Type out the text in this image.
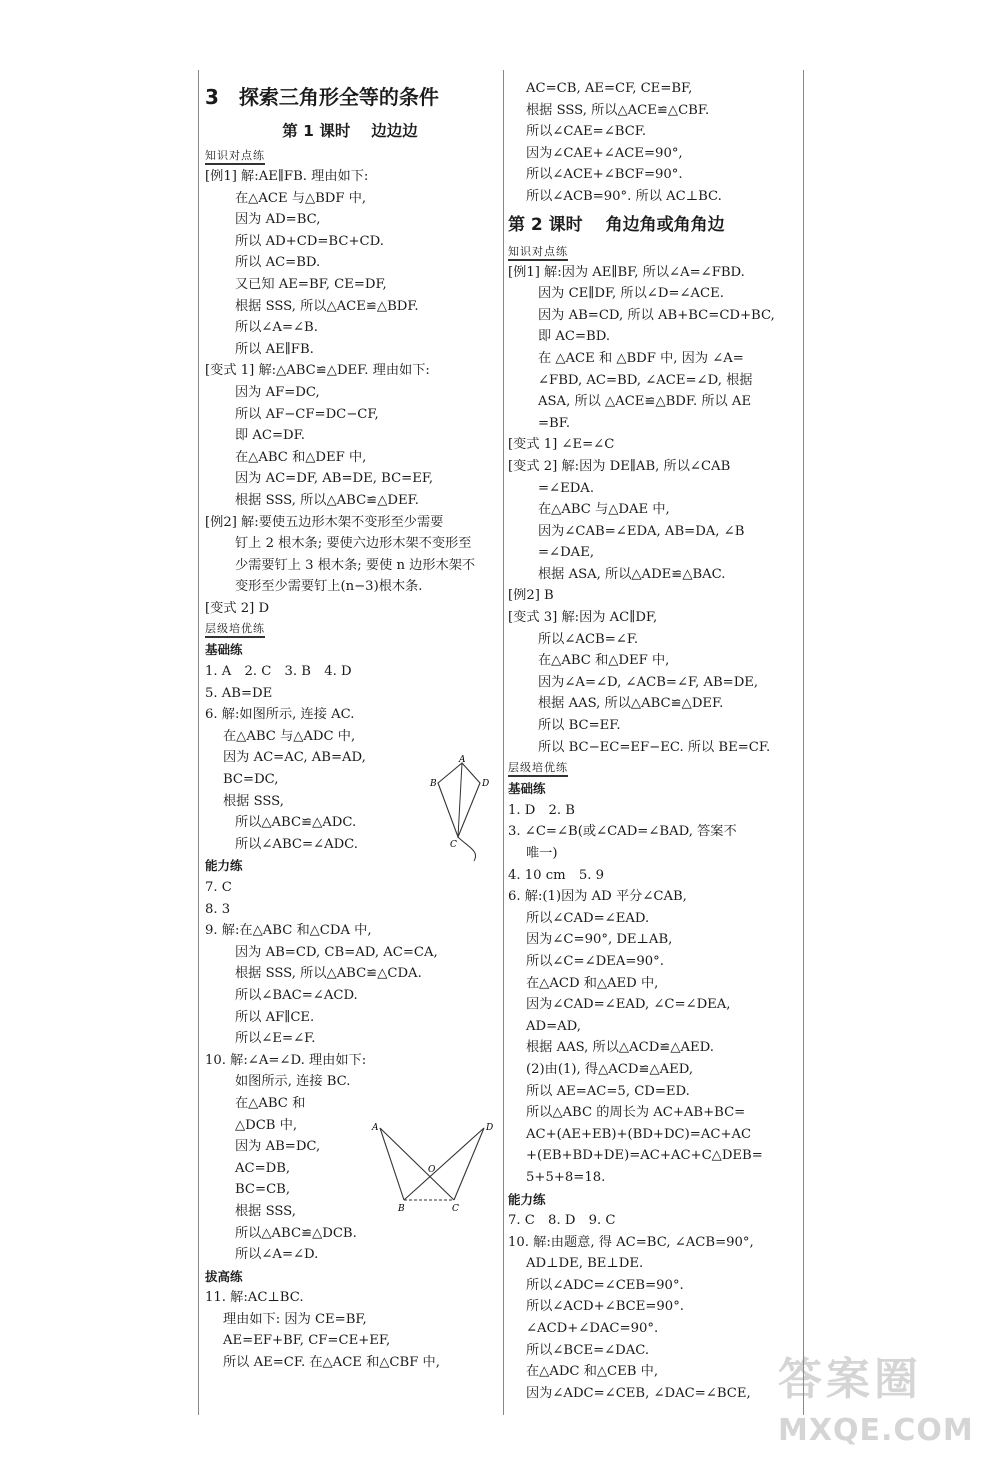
3　探索三角形全等的条件
第 1 课时　 边边边
知识对点练
[例1] 解:AE∥FB. 理由如下:
在△ACE 与△BDF 中,
因为 AD=BC,
所以 AD+CD=BC+CD.
所以 AC=BD.
又已知 AE=BF, CE=DF,
根据 SSS, 所以△ACE≌△BDF.
所以∠A=∠B.
所以 AE∥FB.
[变式 1] 解:△ABC≌△DEF. 理由如下:
因为 AF=DC,
所以 AF−CF=DC−CF,
即 AC=DF.
在△ABC 和△DEF 中,
因为 AC=DF, AB=DE, BC=EF,
根据 SSS, 所以△ABC≌△DEF.
[例2] 解:要使五边形木架不变形至少需要
钉上 2 根木条; 要使六边形木架不变形至
少需要钉上 3 根木条; 要使 n 边形木架不
变形至少需要钉上(n−3)根木条.
[变式 2] D
层级培优练
基础练
1. A　2. C　3. B　4. D
5. AB=DE
6. 解:如图所示, 连接 AC.
在△ABC 与△ADC 中,
因为 AC=AC, AB=AD,
BC=DC,
根据 SSS,
所以△ABC≌△ADC.
所以∠ABC=∠ADC.
能力练
7. C
8. 3
9. 解:在△ABC 和△CDA 中,
因为 AB=CD, CB=AD, AC=CA,
根据 SSS, 所以△ABC≌△CDA.
所以∠BAC=∠ACD.
所以 AF∥CE.
所以∠E=∠F.
10. 解:∠A=∠D. 理由如下:
如图所示, 连接 BC.
在△ABC 和
△DCB 中,
因为 AB=DC,
AC=DB,
BC=CB,
根据 SSS,
所以△ABC≌△DCB.
所以∠A=∠D.
拔高练
11. 解:AC⊥BC.
理由如下: 因为 CE=BF,
AE=EF+BF, CF=CE+EF,
所以 AE=CF. 在△ACE 和△CBF 中,
A
B	D
C
A	D
O
B	C
AC=CB, AE=CF, CE=BF,
根据 SSS, 所以△ACE≌△CBF.
所以∠CAE=∠BCF.
因为∠CAE+∠ACE=90°,
所以∠ACE+∠BCF=90°.
所以∠ACB=90°. 所以 AC⊥BC.
第 2 课时　 角边角或角角边
知识对点练
[例1] 解:因为 AE∥BF, 所以∠A=∠FBD.
因为 CE∥DF, 所以∠D=∠ACE.
因为 AB=CD, 所以 AB+BC=CD+BC,
即 AC=BD.
在 △ACE 和 △BDF 中, 因为 ∠A=
∠FBD, AC=BD, ∠ACE=∠D, 根据
ASA, 所以 △ACE≌△BDF. 所以 AE
=BF.
[变式 1] ∠E=∠C
[变式 2] 解:因为 DE∥AB, 所以∠CAB
=∠EDA.
在△ABC 与△DAE 中,
因为∠CAB=∠EDA, AB=DA, ∠B
=∠DAE,
根据 ASA, 所以△ADE≌△BAC.
[例2] B
[变式 3] 解:因为 AC∥DF,
所以∠ACB=∠F.
在△ABC 和△DEF 中,
因为∠A=∠D, ∠ACB=∠F, AB=DE,
根据 AAS, 所以△ABC≌△DEF.
所以 BC=EF.
所以 BC−EC=EF−EC. 所以 BE=CF.
层级培优练
基础练
1. D　2. B
3. ∠C=∠B(或∠CAD=∠BAD, 答案不
唯一)
4. 10 cm　5. 9
6. 解:(1)因为 AD 平分∠CAB,
所以∠CAD=∠EAD.
因为∠C=90°, DE⊥AB,
所以∠C=∠DEA=90°.
在△ACD 和△AED 中,
因为∠CAD=∠EAD, ∠C=∠DEA,
AD=AD,
根据 AAS, 所以△ACD≌△AED.
(2)由(1), 得△ACD≌△AED,
所以 AE=AC=5, CD=ED.
所以△ABC 的周长为 AC+AB+BC=
AC+(AE+EB)+(BD+DC)=AC+AC
+(EB+BD+DE)=AC+AC+C△DEB=
5+5+8=18.
能力练
7. C　8. D　9. C
10. 解:由题意, 得 AC=BC, ∠ACB=90°,
AD⊥DE, BE⊥DE.
所以∠ADC=∠CEB=90°.
所以∠ACD+∠BCE=90°.
∠ACD+∠DAC=90°.
所以∠BCE=∠DAC.
在△ADC 和△CEB 中,
因为∠ADC=∠CEB, ∠DAC=∠BCE, 答案圈
MXQE.COM
